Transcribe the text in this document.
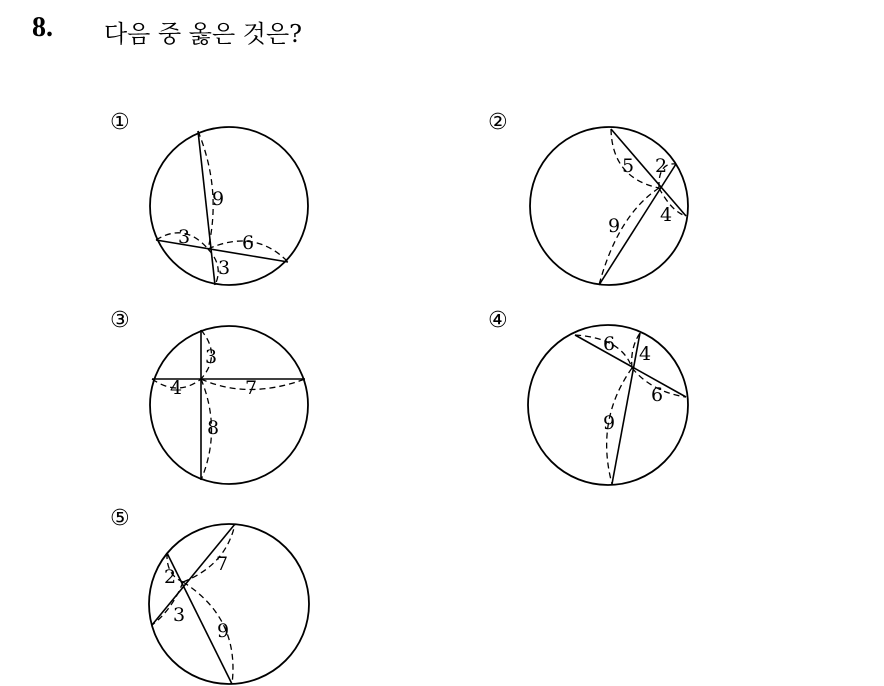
8. 다음 중 옳은 것은?
①	②
③	④
⑤
9
3	6
3
5 2
9 4
3
4	7
8
6 4
6
9
2
7
3
9
